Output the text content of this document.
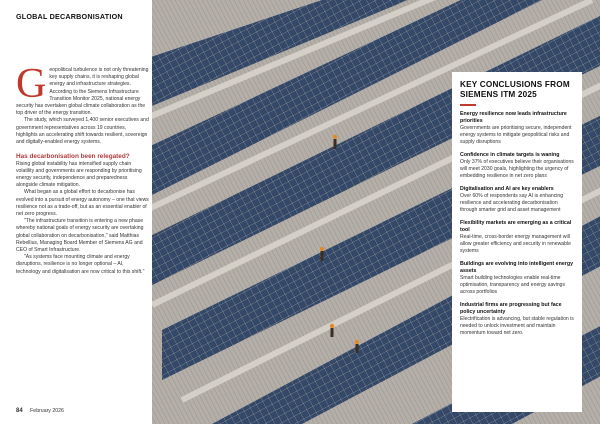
GLOBAL DECARBONISATION
G eopolitical turbulence is not only threatening key supply chains, it is reshaping global energy and infrastructure strategies. According to the Siemens Infrastructure Transition Monitor 2025, national energy security has overtaken global climate collaboration as the top driver of the energy transition.

The study, which surveyed 1,400 senior executives and government representatives across 19 countries, highlights an accelerating shift towards resilient, sovereign and digitally-enabled energy systems.

Has decarbonisation been relegated?

Rising global instability has intensified supply chain volatility and governments are responding by prioritising energy security, independence and preparedness alongside climate mitigation.

What began as a global effort to decarbonise has evolved into a pursuit of energy autonomy – one that views resilience not as a trade-off, but as an essential enabler of net zero progress.

"The infrastructure transition is entering a new phase whereby national goals of energy security are overtaking global collaboration on decarbonisation," said Matthias Rebellius, Managing Board Member of Siemens AG and CEO of Smart Infrastructure.

"As systems face mounting climate and energy disruptions, resilience is no longer optional – AI, technology and digitalisation are now critical to this shift."

84 February 2026
KEY CONCLUSIONS FROM SIEMENS ITM 2025
Energy resilience now leads infrastructure priorities
Governments are prioritising secure, independent energy systems to mitigate geopolitical risks and supply disruptions
Confidence in climate targets is waning
Only 37% of executives believe their organisations will meet 2030 goals, highlighting the urgency of embedding resilience in net zero plans
Digitalisation and AI are key enablers
Over 60% of respondents say AI is enhancing resilience and accelerating decarbonisation through smarter grid and asset management
Flexibility markets are emerging as a critical tool
Real-time, cross-border energy management will allow greater efficiency and security in renewable systems
Buildings are evolving into intelligent energy assets
Smart building technologies enable real-time optimisation, transparency and energy savings across portfolios
Industrial firms are progressing but face policy uncertainty
Electrification is advancing, but stable regulation is needed to unlock investment and maintain momentum toward net zero.
